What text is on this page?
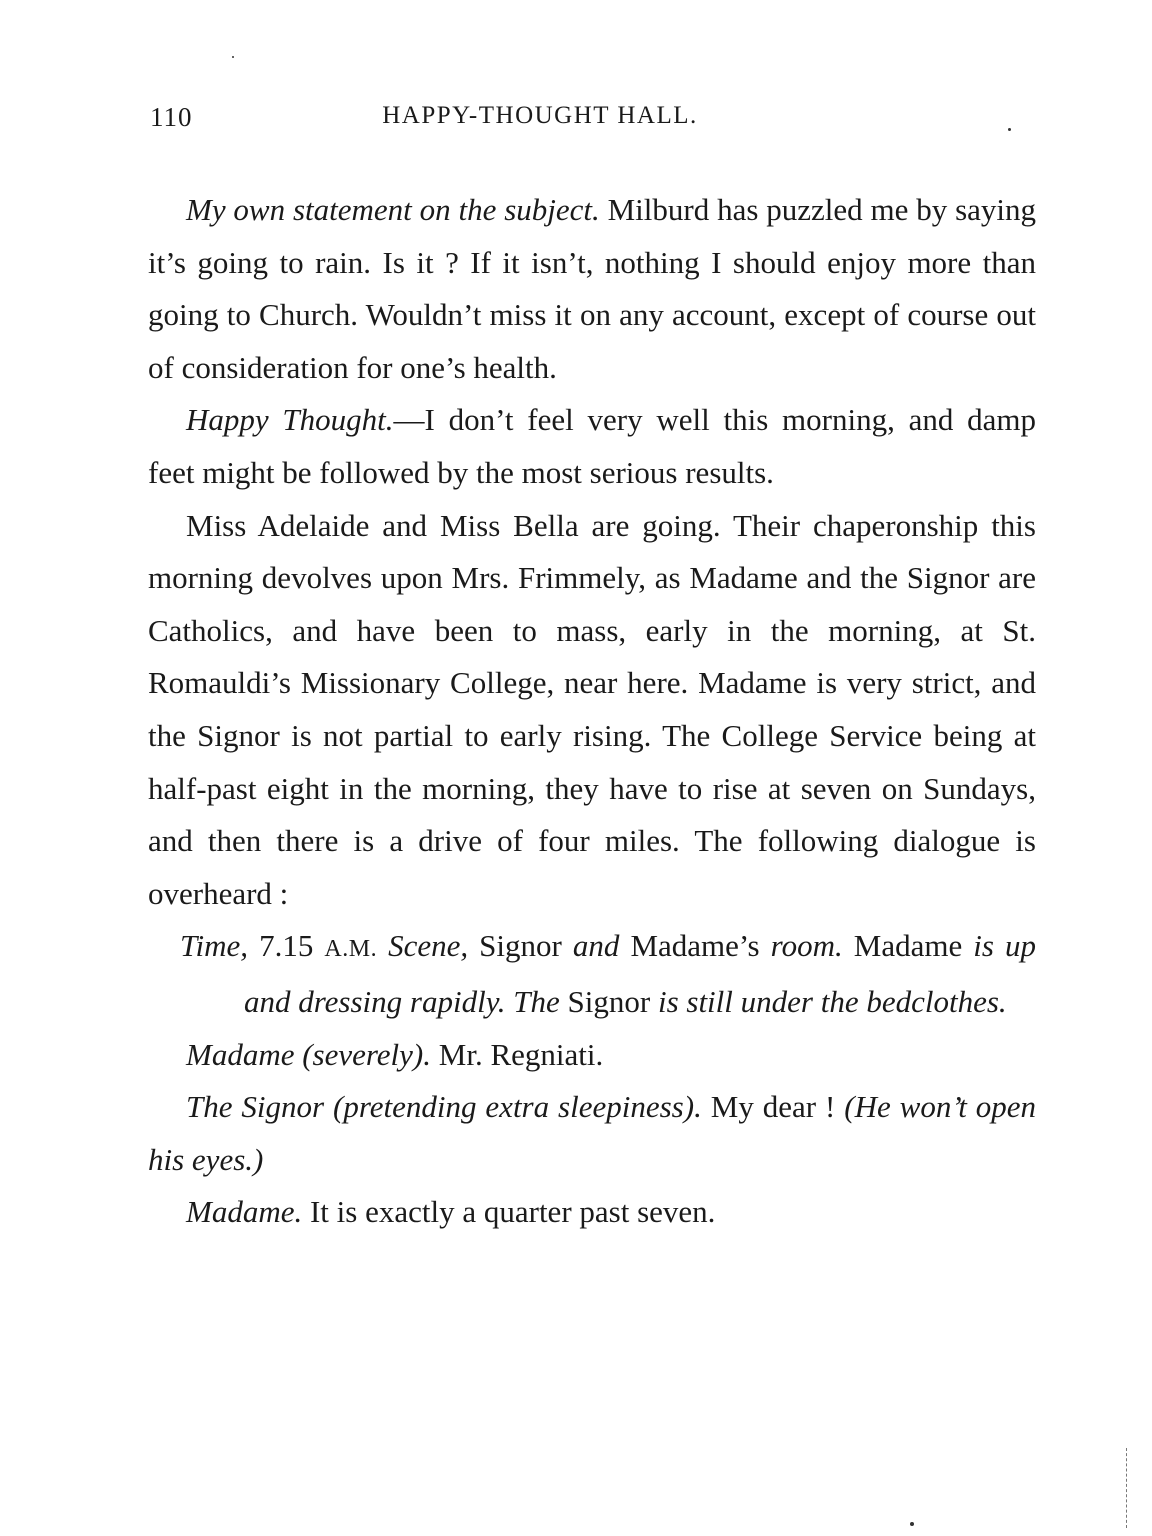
110	HAPPY-THOUGHT HALL.

My own statement on the subject. Milburd has puzzled me by saying it’s going to rain. Is it ? If it isn’t, nothing I should enjoy more than going to Church. Wouldn’t miss it on any account, except of course out of consideration for one’s health.

Happy Thought.—I don’t feel very well this morning, and damp feet might be followed by the most serious results.

Miss Adelaide and Miss Bella are going. Their chaperonship this morning devolves upon Mrs. Frimmely, as Madame and the Signor are Catholics, and have been to mass, early in the morning, at St. Romauldi’s Missionary College, near here. Madame is very strict, and the Signor is not partial to early rising. The College Service being at half-past eight in the morning, they have to rise at seven on Sundays, and then there is a drive of four miles. The following dialogue is overheard :

Time, 7.15 A.M. Scene, Signor and Madame’s room. Madame is up and dressing rapidly. The Signor is still under the bedclothes.

Madame (severely). Mr. Regniati.

The Signor (pretending extra sleepiness). My dear ! (He won’t open his eyes.)

Madame. It is exactly a quarter past seven.
